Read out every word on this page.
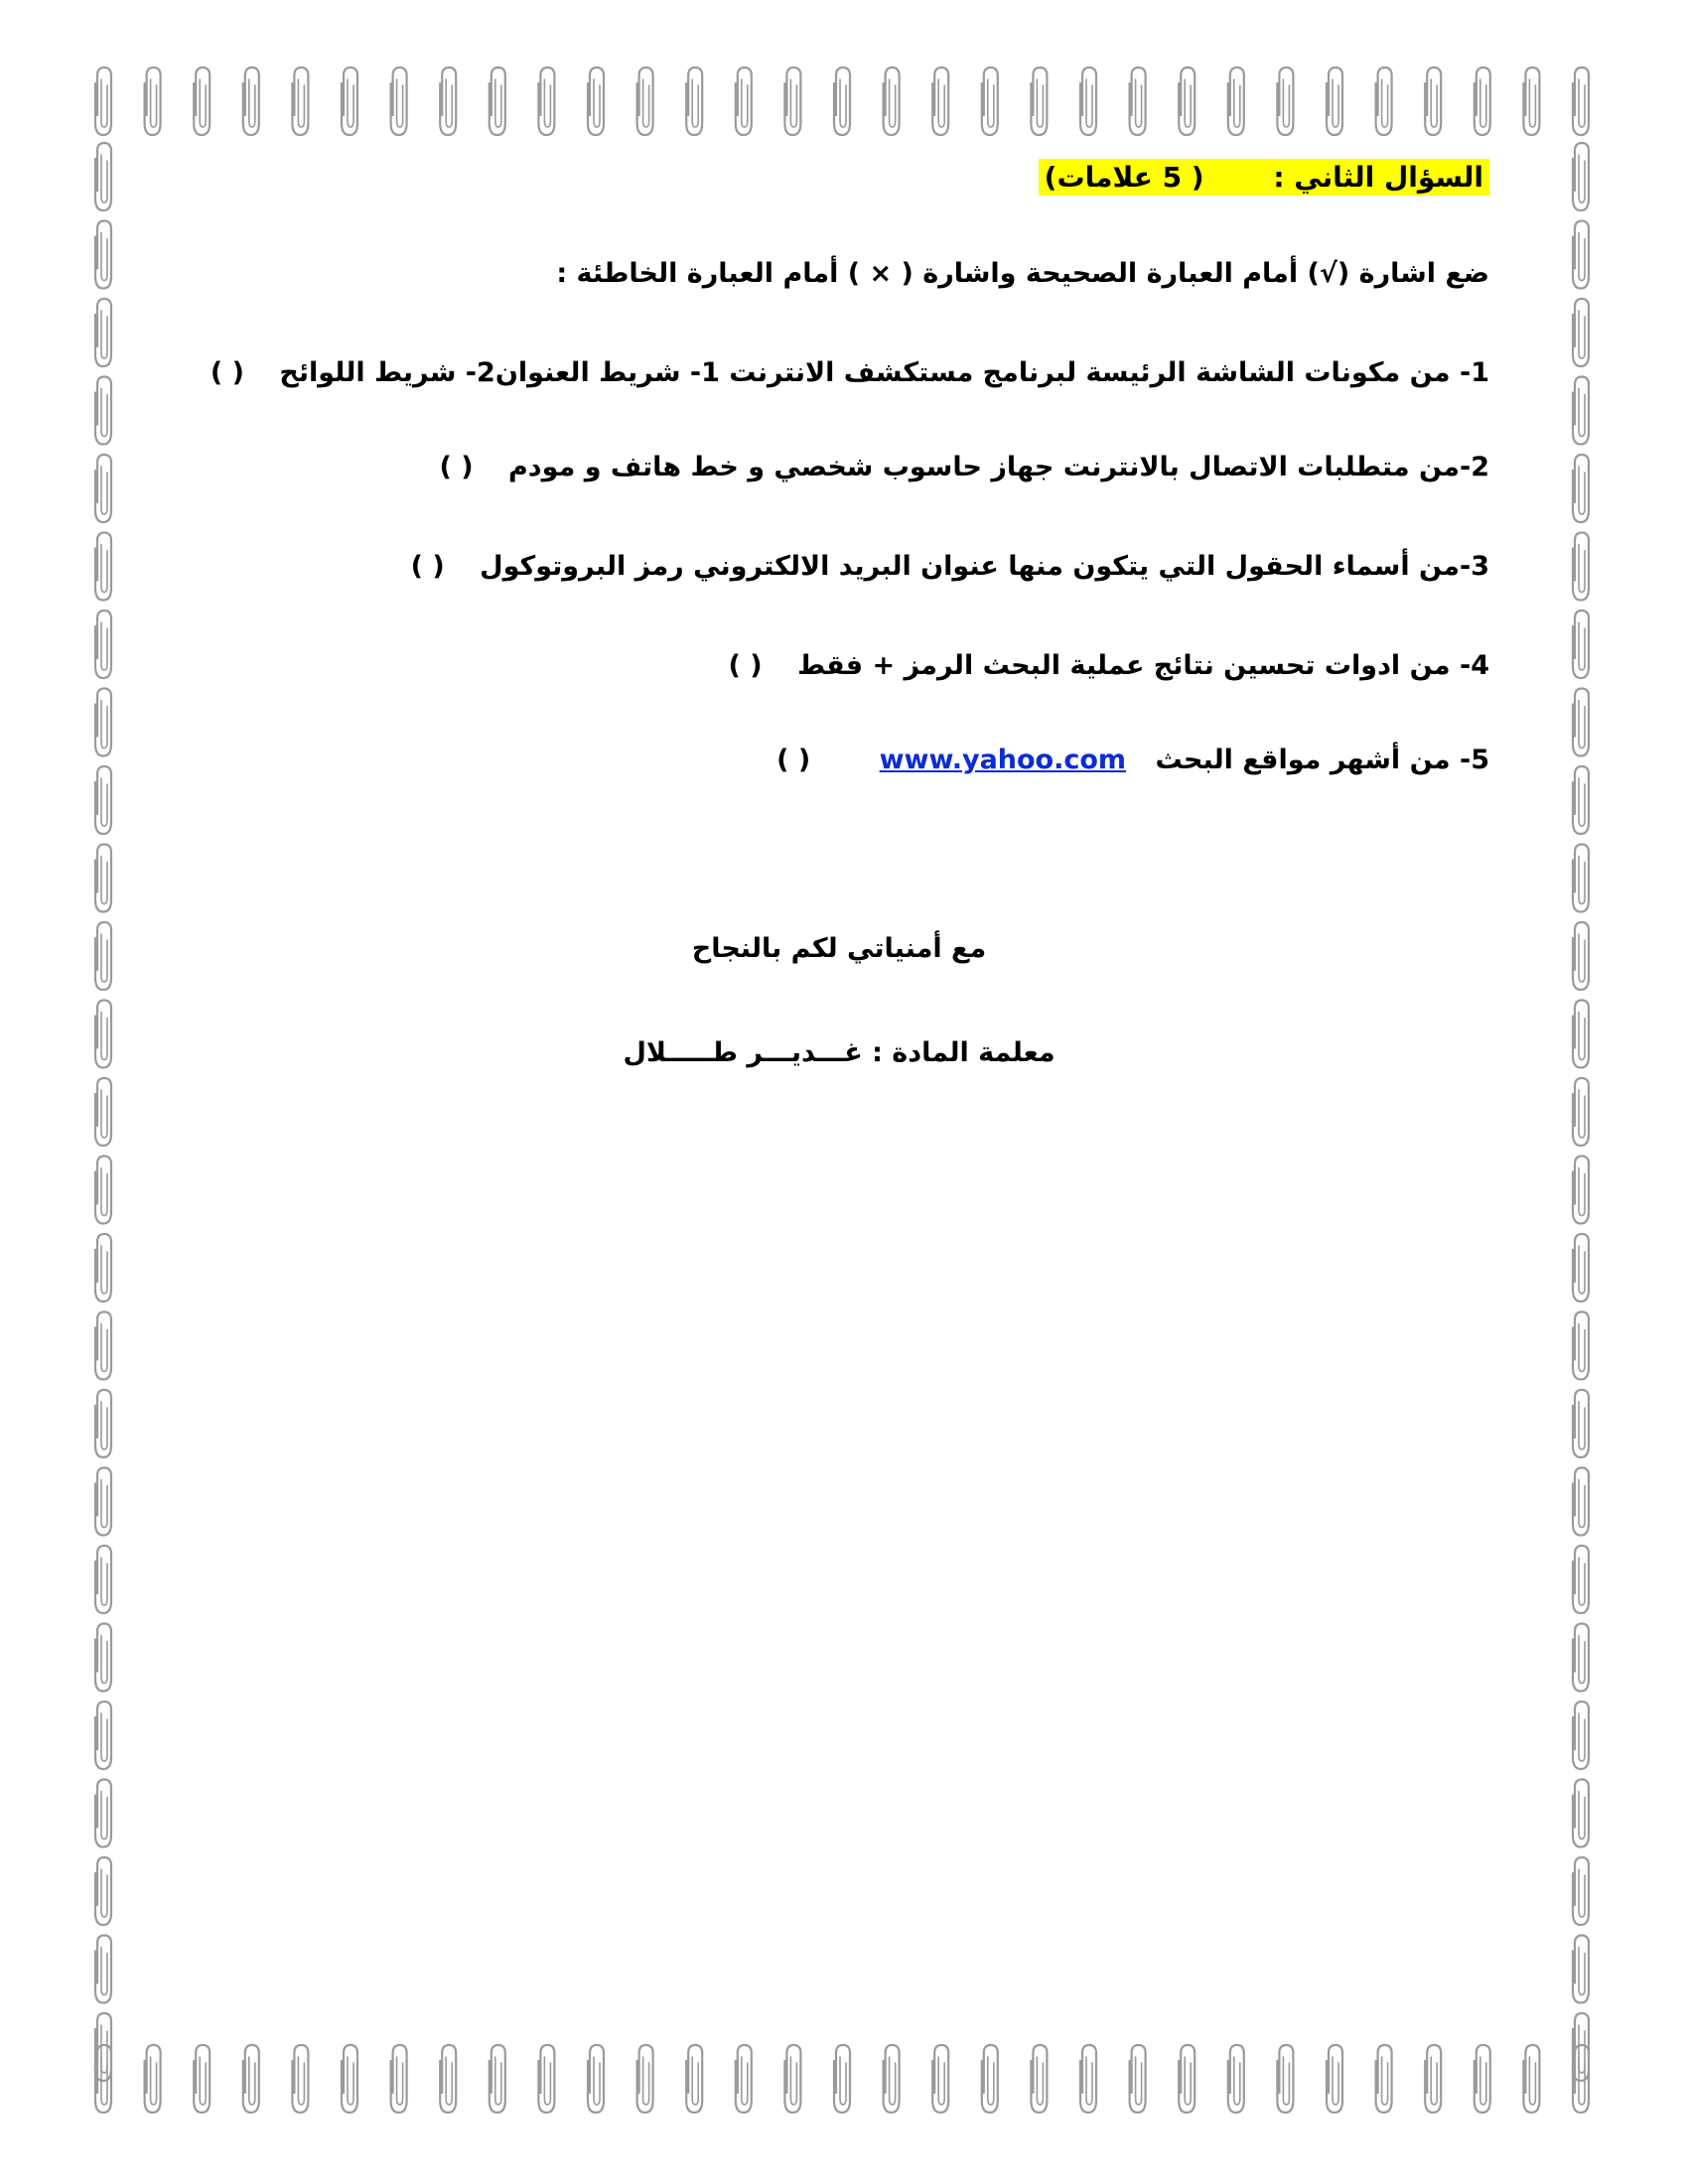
السؤال الثاني : ( 5 علامات)
ضع اشارة (√) أمام العبارة الصحيحة واشارة ( × ) أمام العبارة الخاطئة :
1- من مكونات الشاشة الرئيسة لبرنامج مستكشف الانترنت 1- شريط العنوان2- شريط اللوائح ( )
2-من متطلبات الاتصال بالانترنت جهاز حاسوب شخصي و خط هاتف و مودم ( )
3-من أسماء الحقول التي يتكون منها عنوان البريد الالكتروني رمز البروتوكول ( )
4- من ادوات تحسين نتائج عملية البحث الرمز + فقط ( )
5- من أشهر مواقع البحث www.yahoo.com ( )
مع أمنياتي لكم بالنجاح
معلمة المادة : غـــديـــر طـــــلال
